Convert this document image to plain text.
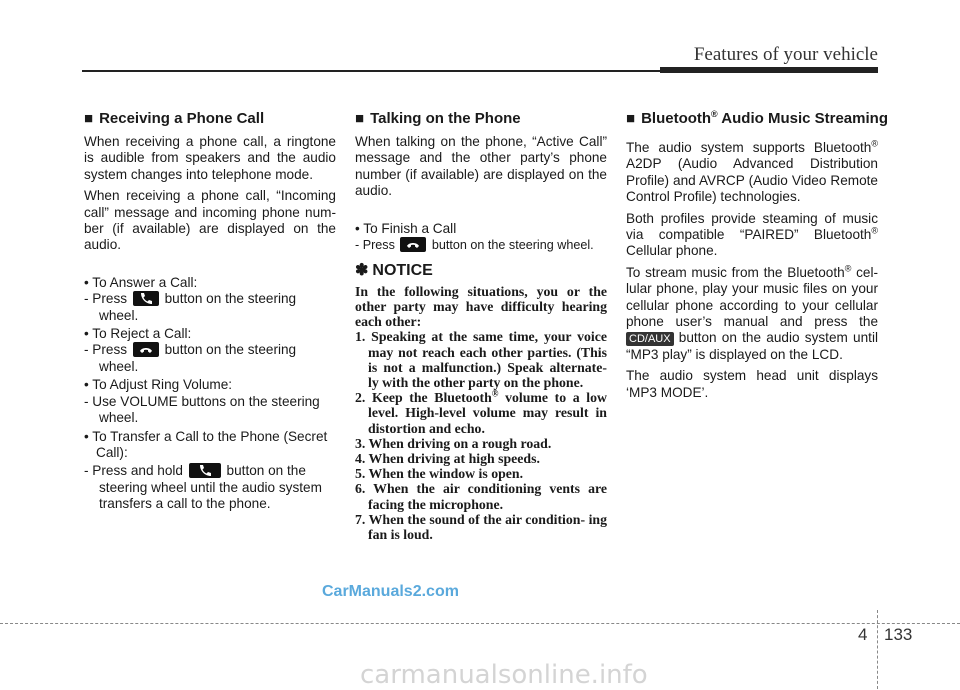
Features of your vehicle
■ Receiving a Phone Call

When receiving a phone call, a ringtone is audible from speakers and the audio system changes into telephone mode.

When receiving a phone call, “Incoming call” message and incoming phone num- ber (if available) are displayed on the audio.

• To Answer a Call:
- Press
button on the steering wheel.
• To Reject a Call:
- Press
button on the steering wheel.
• To Adjust Ring Volume:
- Use VOLUME buttons on the steering wheel.
• To Transfer a Call to the Phone (Secret Call):
- Press and hold	button on the steering wheel until the audio system transfers a call to the phone.
■ Talking on the Phone

When talking on the phone, “Active Call” message and the other party’s phone number (if available) are displayed on the audio.

• To Finish a Call
- Press
button on the steering wheel.
✽ NOTICE

In the following situations, you or the other party may have difficulty hearing each other:

1. Speaking at the same time, your voice may not reach each other parties. (This is not a malfunction.) Speak alternate- ly with the other party on the phone.
2. Keep the Bluetooth® volume to a low level. High-level volume may result in distortion and echo.
3. When driving on a rough road.
4. When driving at high speeds.
5. When the window is open.
6. When the air conditioning vents are facing the microphone.
7. When the sound of the air condition- ing fan is loud.
■ Bluetooth® Audio Music Streaming

The audio system supports Bluetooth® A2DP (Audio Advanced Distribution Profile) and AVRCP (Audio Video Remote Control Profile) technologies.

Both profiles provide steaming of music via compatible “PAIRED” Bluetooth® Cellular phone.

To stream music from the Bluetooth® cel- lular phone, play your music files on your cellular phone according to your cellular phone user’s manual and press the CD/AUX button on the audio system until “MP3 play” is displayed on the LCD.

The audio system head unit displays ‘MP3 MODE’.

CarManuals2.com
4 133
carmanualsonline.info
